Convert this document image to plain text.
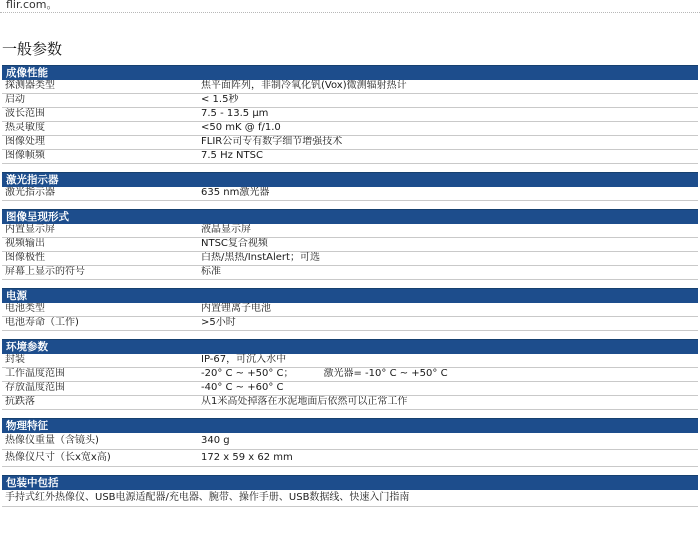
flir.com。
一般参数
成像性能
探测器类型	焦平面阵列，非制冷氧化钒(Vox)微测辐射热计
启动	< 1.5秒
波长范围	7.5 - 13.5 μm
热灵敏度	<50 mK @ f/1.0
图像处理	FLIR公司专有数字细节增强技术
图像帧频	7.5 Hz NTSC
激光指示器
激光指示器	635 nm激光器
图像呈现形式
内置显示屏	液晶显示屏
视频输出	NTSC复合视频
图像极性	白热/黑热/InstAlert；可选
屏幕上显示的符号	标准
电源
电池类型	内置锂离子电池
电池寿命（工作)	>5小时
环境参数
封装	IP-67，可沉入水中
工作温度范围	-20° C ~ +50° C；	激光器= -10° C ~ +50° C
存放温度范围	-40° C ~ +60° C
抗跌落	从1米高处掉落在水泥地面后依然可以正常工作
物理特征
热像仪重量（含镜头)	340 g
热像仪尺寸（长x宽x高)	172 x 59 x 62 mm
包装中包括
手持式红外热像仪、USB电源适配器/充电器、腕带、操作手册、USB数据线、快速入门指南
